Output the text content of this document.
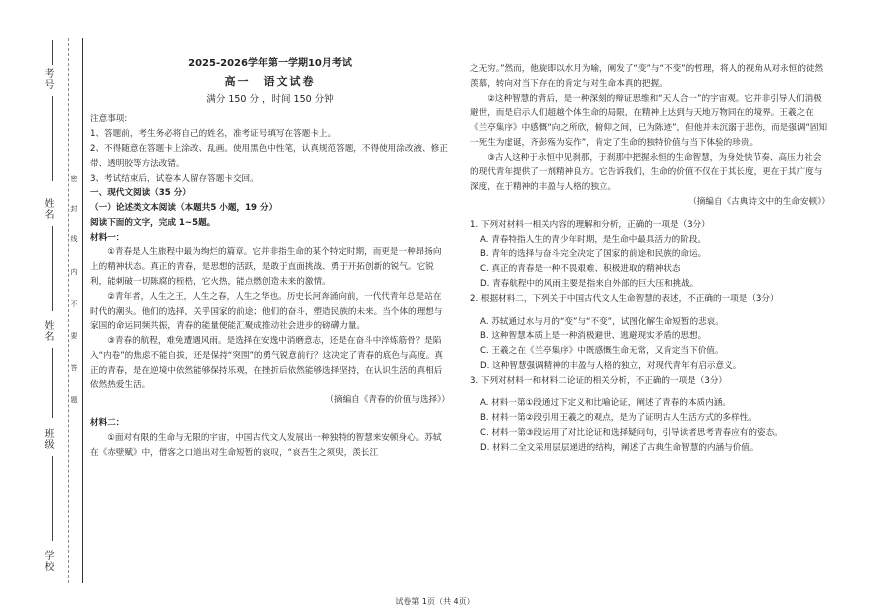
考号
姓名
姓名
班级
学校
密
封
线
内
不
要
答
题
2025-2026学年第一学期10月考试
高一　语文试卷
满分 150 分 ，时间 150 分钟

注意事项:

1、答题前，考生务必将自己的姓名，准考证号填写在答题卡上。

2、不得随意在答题卡上涂改、乱画。使用黑色中性笔，认真规范答题，不得使用涂改液、修正带、透明胶等方法改错。

3、考试结束后，试卷本人留存答题卡交回。

一、现代文阅读（35 分）

（一）论述类文本阅读（本题共5 小题，19 分）

阅读下面的文字，完成 1~5题。

材料一：

①青春是人生旅程中最为绚烂的篇章。它并非指生命的某个特定时期，而更是一种昂扬向上的精神状态。真正的青春，是思想的活跃，是敢于直面挑战、勇于开拓创新的锐气。它锐利，能刺破一切陈腐的桎梏，它火热，能点燃创造未来的激情。

②青年者，人生之王，人生之春，人生之华也。历史长河奔涌向前，一代代青年总是站在时代的潮头。他们的选择，关乎国家的前途；他们的奋斗，塑造民族的未来。当个体的理想与家国的命运同频共振，青春的能量便能汇聚成推动社会进步的磅礴力量。

③青春的航程，难免遭遇风雨。是选择在安逸中消磨意志，还是在奋斗中淬炼筋骨？是陷入“内卷”的焦虑不能自拔，还是保持“突围”的勇气锐意前行？这决定了青春的底色与高度。真正的青春，是在逆境中依然能够保持乐观，在挫折后依然能够选择坚持，在认识生活的真相后依然热爱生活。

（摘编自《青春的价值与选择》）

材料二：

①面对有限的生命与无限的宇宙，中国古代文人发展出一种独特的智慧来安顿身心。苏轼在《赤壁赋》中，借客之口道出对生命短暂的哀叹，“哀吾生之须臾，羡长江

之无穷。”然而，他旋即以水月为喻，阐发了“变”与“不变”的哲理，将人的视角从对永恒的徒然羡慕，转向对当下存在的肯定与对生命本真的把握。

②这种智慧的背后，是一种深刻的辩证思维和“天人合一”的宇宙观。它并非引导人们消极避世，而是启示人们超越个体生命的局限，在精神上达到与天地万物同在的境界。王羲之在《兰亭集序》中感慨“向之所欣，俯仰之间，已为陈迹”，但他并未沉溺于悲伤，而是强调“固知一死生为虚诞，齐彭殇为妄作”，肯定了生命的独特价值与当下体验的珍贵。

③古人这种于永恒中见刹那，于刹那中把握永恒的生命智慧，为身处快节奏、高压力社会的现代青年提供了一剂精神良方。它告诉我们，生命的价值不仅在于其长度，更在于其广度与深度，在于精神的丰盈与人格的独立。

（摘编自《古典诗文中的生命安顿》）

1. 下列对材料一相关内容的理解和分析，正确的一项是（3分）

A. 青春特指人生的青少年时期，是生命中最具活力的阶段。

B. 青年的选择与奋斗完全决定了国家的前途和民族的命运。

C. 真正的青春是一种不畏艰难、积极进取的精神状态

D. 青春航程中的风雨主要是指来自外部的巨大压和挑战。

2. 根据材料二，下列关于中国古代文人生命智慧的表述，不正确的一项是（3分）

A. 苏轼通过水与月的“变”与“不变”，试图化解生命短暂的悲哀。

B. 这种智慧本质上是一种消极避世、逃避现实矛盾的思想。

C. 王羲之在《兰亭集序》中既感慨生命无常，又肯定当下价值。

D. 这种智慧强调精神的丰盈与人格的独立，对现代青年有启示意义。

3. 下列对材料一和材料二论证的相关分析，不正确的一项是（3分）

A. 材料一第①段通过下定义和比喻论证，阐述了青春的本质内涵。

B. 材料一第②段引用王羲之的观点，是为了证明古人生活方式的多样性。

C. 材料一第③段运用了对比论证和选择疑问句，引导读者思考青春应有的姿态。

D. 材料二全文采用层层递进的结构，阐述了古典生命智慧的内涵与价值。

试卷第 1页（共 4页）
